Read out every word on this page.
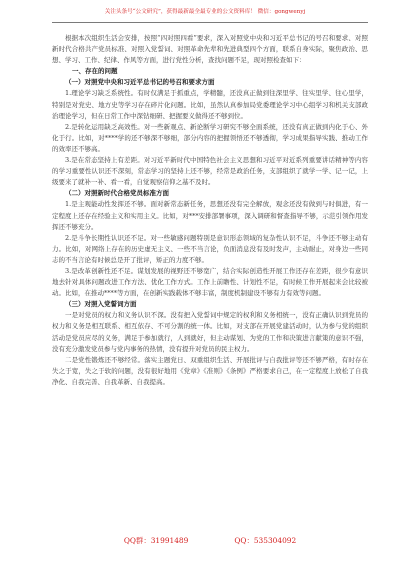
关注头条号“公文研究”，获得最新最全最专业的公文资料库！ 微信：gongwenyj

根据本次组织生活会安排，按照“四对照四看”要求，深入对照党中央和习近平总书记的号召和要求、对照新时代合格共产党员标准、对照入党誓词、对照革命先辈和先进典型四个方面，联系自身实际，聚焦政治、思想、学习、工作、纪律、作风等方面，进行党性分析，查找问题不足，现对照检查如下：

一、存在的问题
（一）对照党中央和习近平总书记的号召和要求方面

1.理论学习缺乏系统性。有时仅满足于抓重点，学精髓，还没真正做到往深里学、往实里学、往心里学，特别是对党史、地方史等学习存在碎片化问题。比如，虽然认真参加局党委理论学习中心组学习和机关支部政治理论学习，但在日常工作中深钻细研、把握要义做得还不够到位。

2.是转化运用缺乏高效性。对一些新观点、新论断学习研究不够全面系统，还没有真正做到内化于心、外化于行。比如，对****学的还不够深不够细，部分内容的把握领悟还不够透彻，学习成果指导实践、推动工作的效率还不够高。

3.是在常态坚持上有差距。对习近平新时代中国特色社会主义思想和习近平对近系列重要讲话精神等内容的学习重要性认识还不深刻，常态学习的坚持上还不够，经常是政治任务，支部组织了就学一学、记一记，上级要来了就补一补、看一看，自觉观察信仰之基不及时。

（二）对照新时代合格党员标准方面

1.是主观能动性发挥还不够。面对新常态新任务，思想还没有完全解放，观念还没有做到与时俱进，有一定程度上还存在经验主义和实用主义。比如，对***安排部署事项，深入调研和督查指导不够，示范引领作用发挥还不够充分。

2.是斗争长期性认识还不足。对一些敏感问题特别是意识形态领域的复杂性认识不足，斗争还不够主动有力。比如，对网络上存在的历史虚无主义、一些不当言论，负面消息没有及时发声，主动耐止，对身边一些同志的不当言论有时候总是开了批评，矫正的力度不够。

3.是改革创新性还不足。谋划发展的视野还不够宽广，结合实际创造性开展工作还存在差距，很少有意识地去针对具体问题改进工作方法、优化工作方式。工作上前瞻性、计划性不足，有时候工作开展起来会比较被动。比如，在推动****等方面，在创新实践载体不够丰富，制度机制建设不够有力有效等问题。

（三）对照入党誓词方面

一是对党员的权力和义务认识不深。没有把入党誓词中规定的权利和义务相统一，没有正确认识到党员的权力和义务是相互联系、相互依存、不可分割的统一体。比如，对支部在开展党建活动时，认为参与党的组织活动是党员应尽的义务，满足于参加就行，人到就好，但主动谋划、为党的工作和决策进言献策的意识不强，没有充分激发党员参与党内事务的热情，没有提升对党员的民主权力。

二是党性锻炼还不够经常。落实主题党日、双重组织生活、开展批评与自我批评等还不够严格，有时存在失之于宽，失之于软的问题，没有很好地用《党章》《准则》《条例》严格要求自己，在一定程度上放松了自我净化、自我完善、自我革新、自我提高。

QQ群：31991489	QQ：535304092
